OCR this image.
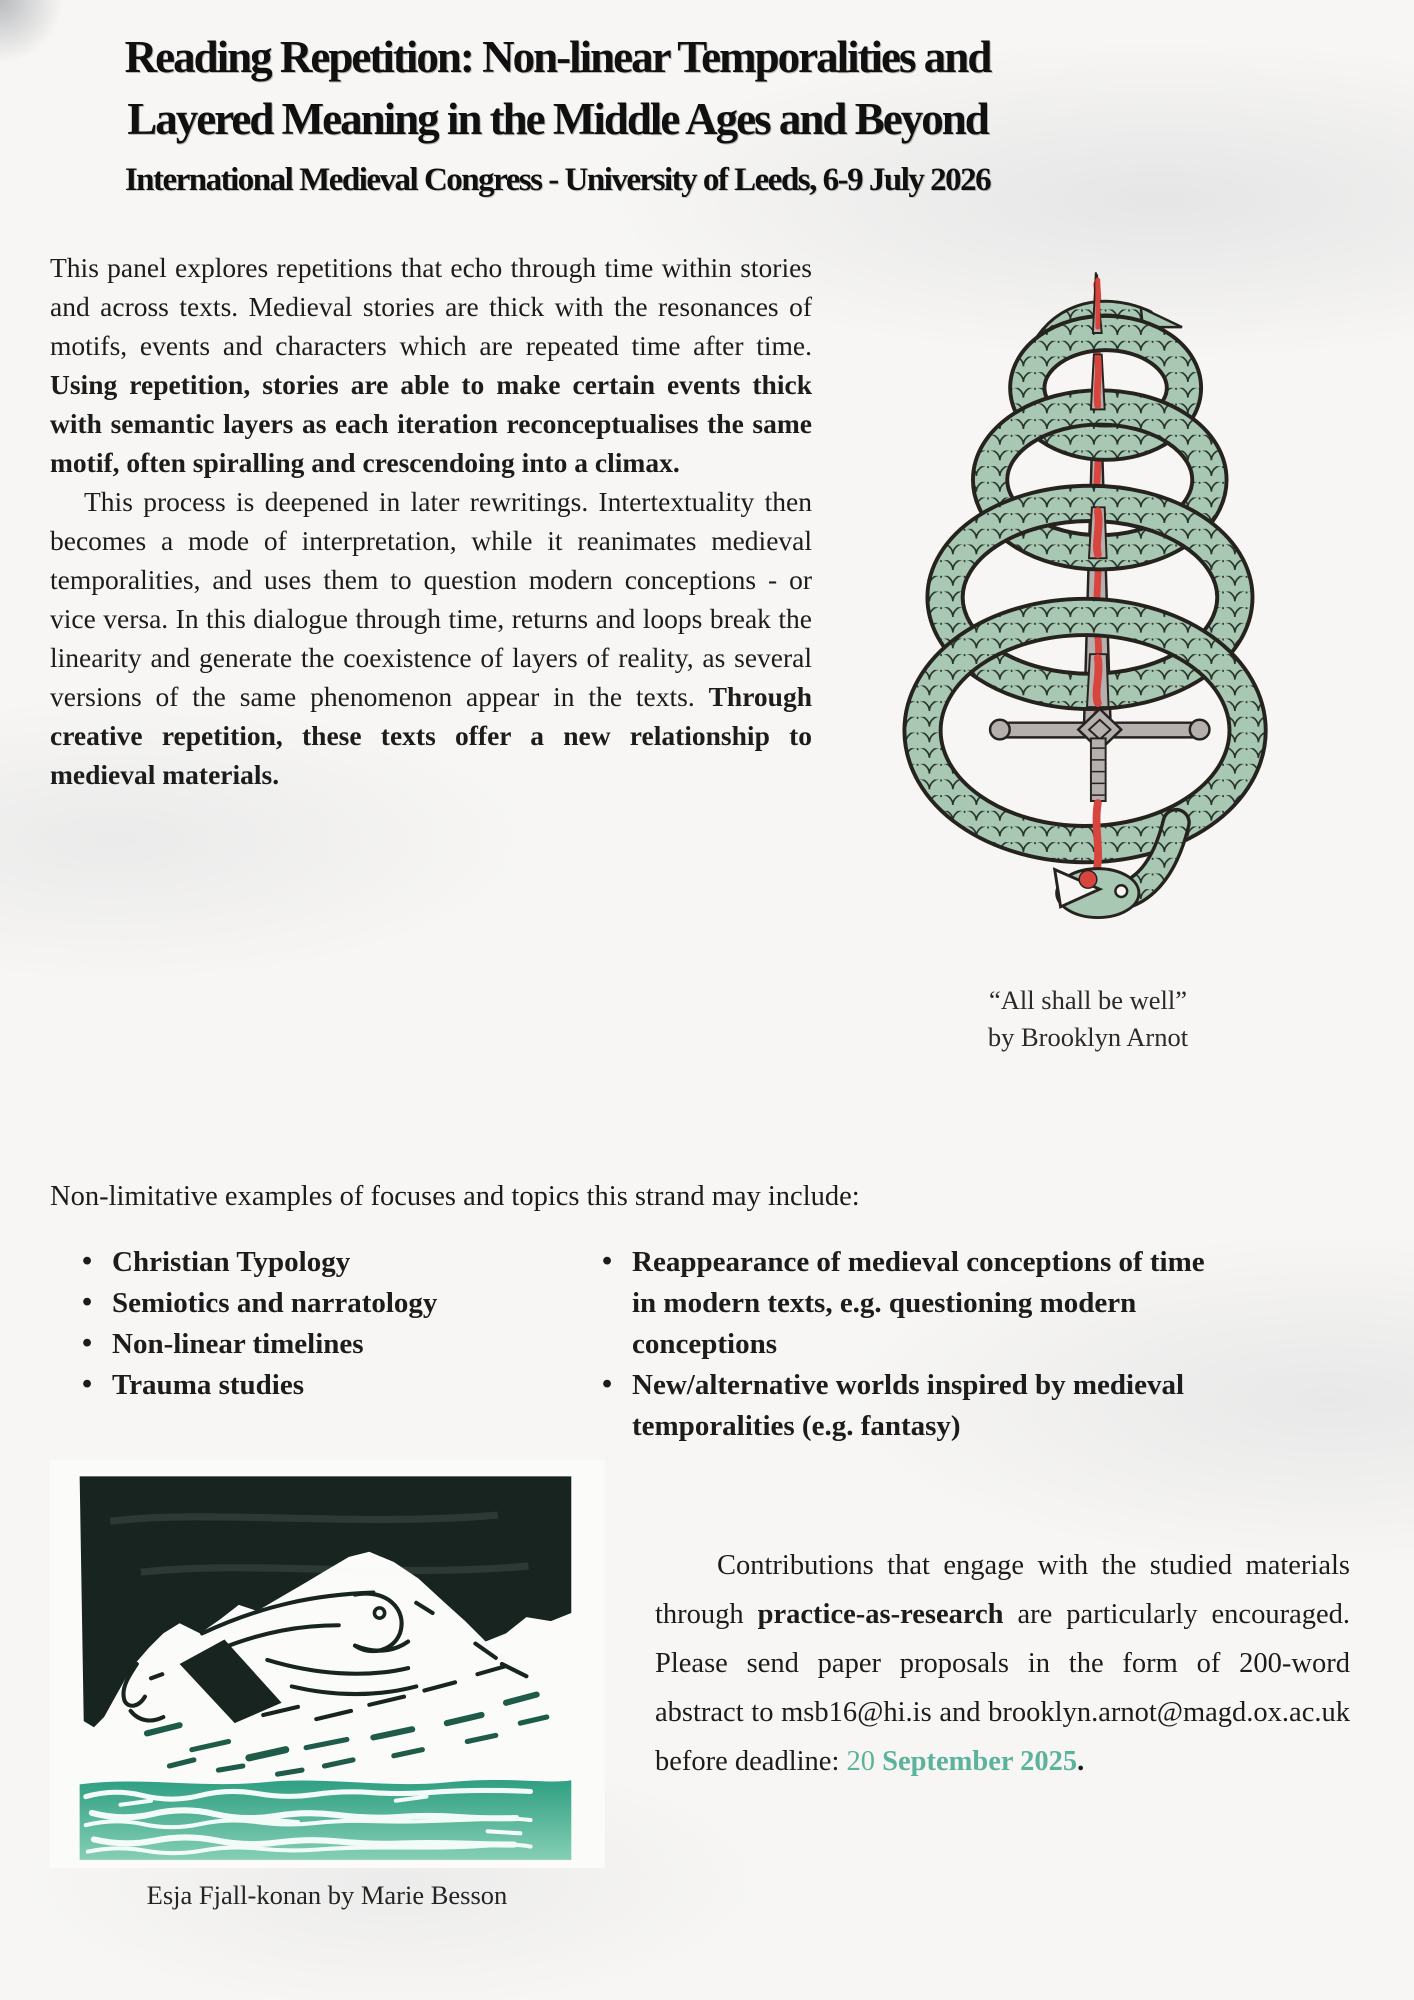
Reading Repetition: Non-linear Temporalities and
Layered Meaning in the Middle Ages and Beyond
International Medieval Congress - University of Leeds, 6-9 July 2026

This panel explores repetitions that echo through time within stories and across texts. Medieval stories are thick with the resonances of motifs, events and characters which are repeated time after time. Using repetition, stories are able to make certain events thick with semantic layers as each iteration reconceptualises the same motif, often spiralling and crescendoing into a climax.

This process is deepened in later rewritings. Intertextuality then becomes a mode of interpretation, while it reanimates medieval temporalities, and uses them to question modern conceptions - or vice versa. In this dialogue through time, returns and loops break the linearity and generate the coexistence of layers of reality, as several versions of the same phenomenon appear in the texts. Through creative repetition, these texts offer a new relationship to medieval materials.

“All shall be well”
by Brooklyn Arnot

Non-limitative examples of focuses and topics this strand may include:

• Christian Typology
• Semiotics and narratology
• Non-linear timelines
• Trauma studies
• Reappearance of medieval conceptions of time in modern texts, e.g. questioning modern conceptions
• New/alternative worlds inspired by medieval temporalities (e.g. fantasy)
Esja Fjall-konan by Marie Besson

Contributions that engage with the studied materials through practice-as-research are particularly encouraged. Please send paper proposals in the form of 200-word abstract to msb16@hi.is and brooklyn.arnot@magd.ox.ac.uk before deadline: 20 September 2025.
